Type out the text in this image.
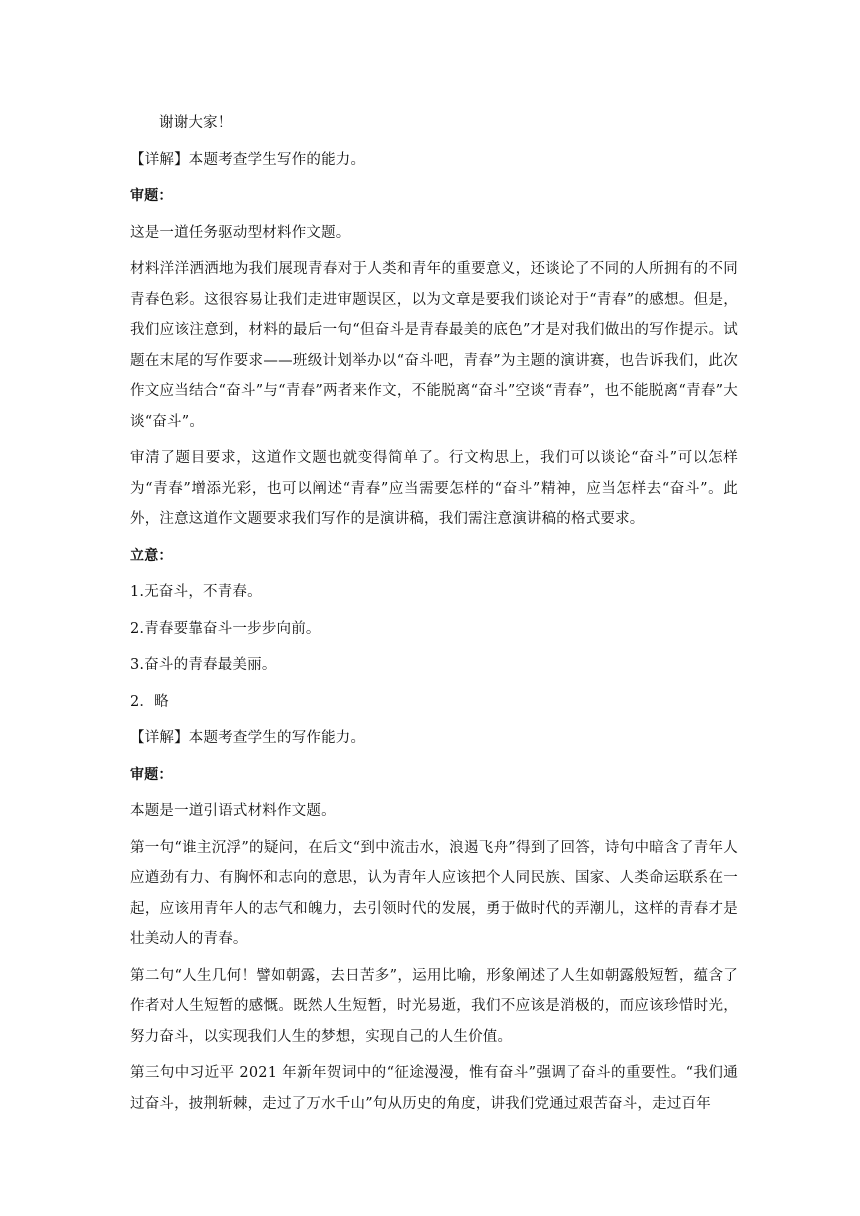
谢谢大家！

【详解】本题考查学生写作的能力。

审题：

这是一道任务驱动型材料作文题。

材料洋洋洒洒地为我们展现青春对于人类和青年的重要意义，还谈论了不同的人所拥有的不同青春色彩。这很容易让我们走进审题误区，以为文章是要我们谈论对于“青春”的感想。但是，我们应该注意到，材料的最后一句“但奋斗是青春最美的底色”才是对我们做出的写作提示。试题在末尾的写作要求——班级计划举办以“奋斗吧，青春”为主题的演讲赛，也告诉我们，此次作文应当结合“奋斗”与“青春”两者来作文，不能脱离“奋斗”空谈“青春”，也不能脱离“青春”大谈“奋斗”。

审清了题目要求，这道作文题也就变得简单了。行文构思上，我们可以谈论“奋斗”可以怎样为“青春”增添光彩，也可以阐述“青春”应当需要怎样的“奋斗”精神，应当怎样去“奋斗”。此外，注意这道作文题要求我们写作的是演讲稿，我们需注意演讲稿的格式要求。

立意：

1.无奋斗，不青春。

2.青春要靠奋斗一步步向前。

3.奋斗的青春最美丽。

2．略

【详解】本题考查学生的写作能力。

审题：

本题是一道引语式材料作文题。

第一句“谁主沉浮”的疑问，在后文“到中流击水，浪遏飞舟”得到了回答，诗句中暗含了青年人应遒劲有力、有胸怀和志向的意思，认为青年人应该把个人同民族、国家、人类命运联系在一起，应该用青年人的志气和魄力，去引领时代的发展，勇于做时代的弄潮儿，这样的青春才是壮美动人的青春。

第二句“人生几何！譬如朝露，去日苦多”，运用比喻，形象阐述了人生如朝露般短暂，蕴含了作者对人生短暂的感慨。既然人生短暂，时光易逝，我们不应该是消极的，而应该珍惜时光，努力奋斗，以实现我们人生的梦想，实现自己的人生价值。

第三句中习近平 2021 年新年贺词中的“征途漫漫，惟有奋斗”强调了奋斗的重要性。“我们通过奋斗，披荆斩棘，走过了万水千山”句从历史的角度，讲我们党通过艰苦奋斗，走过百年
